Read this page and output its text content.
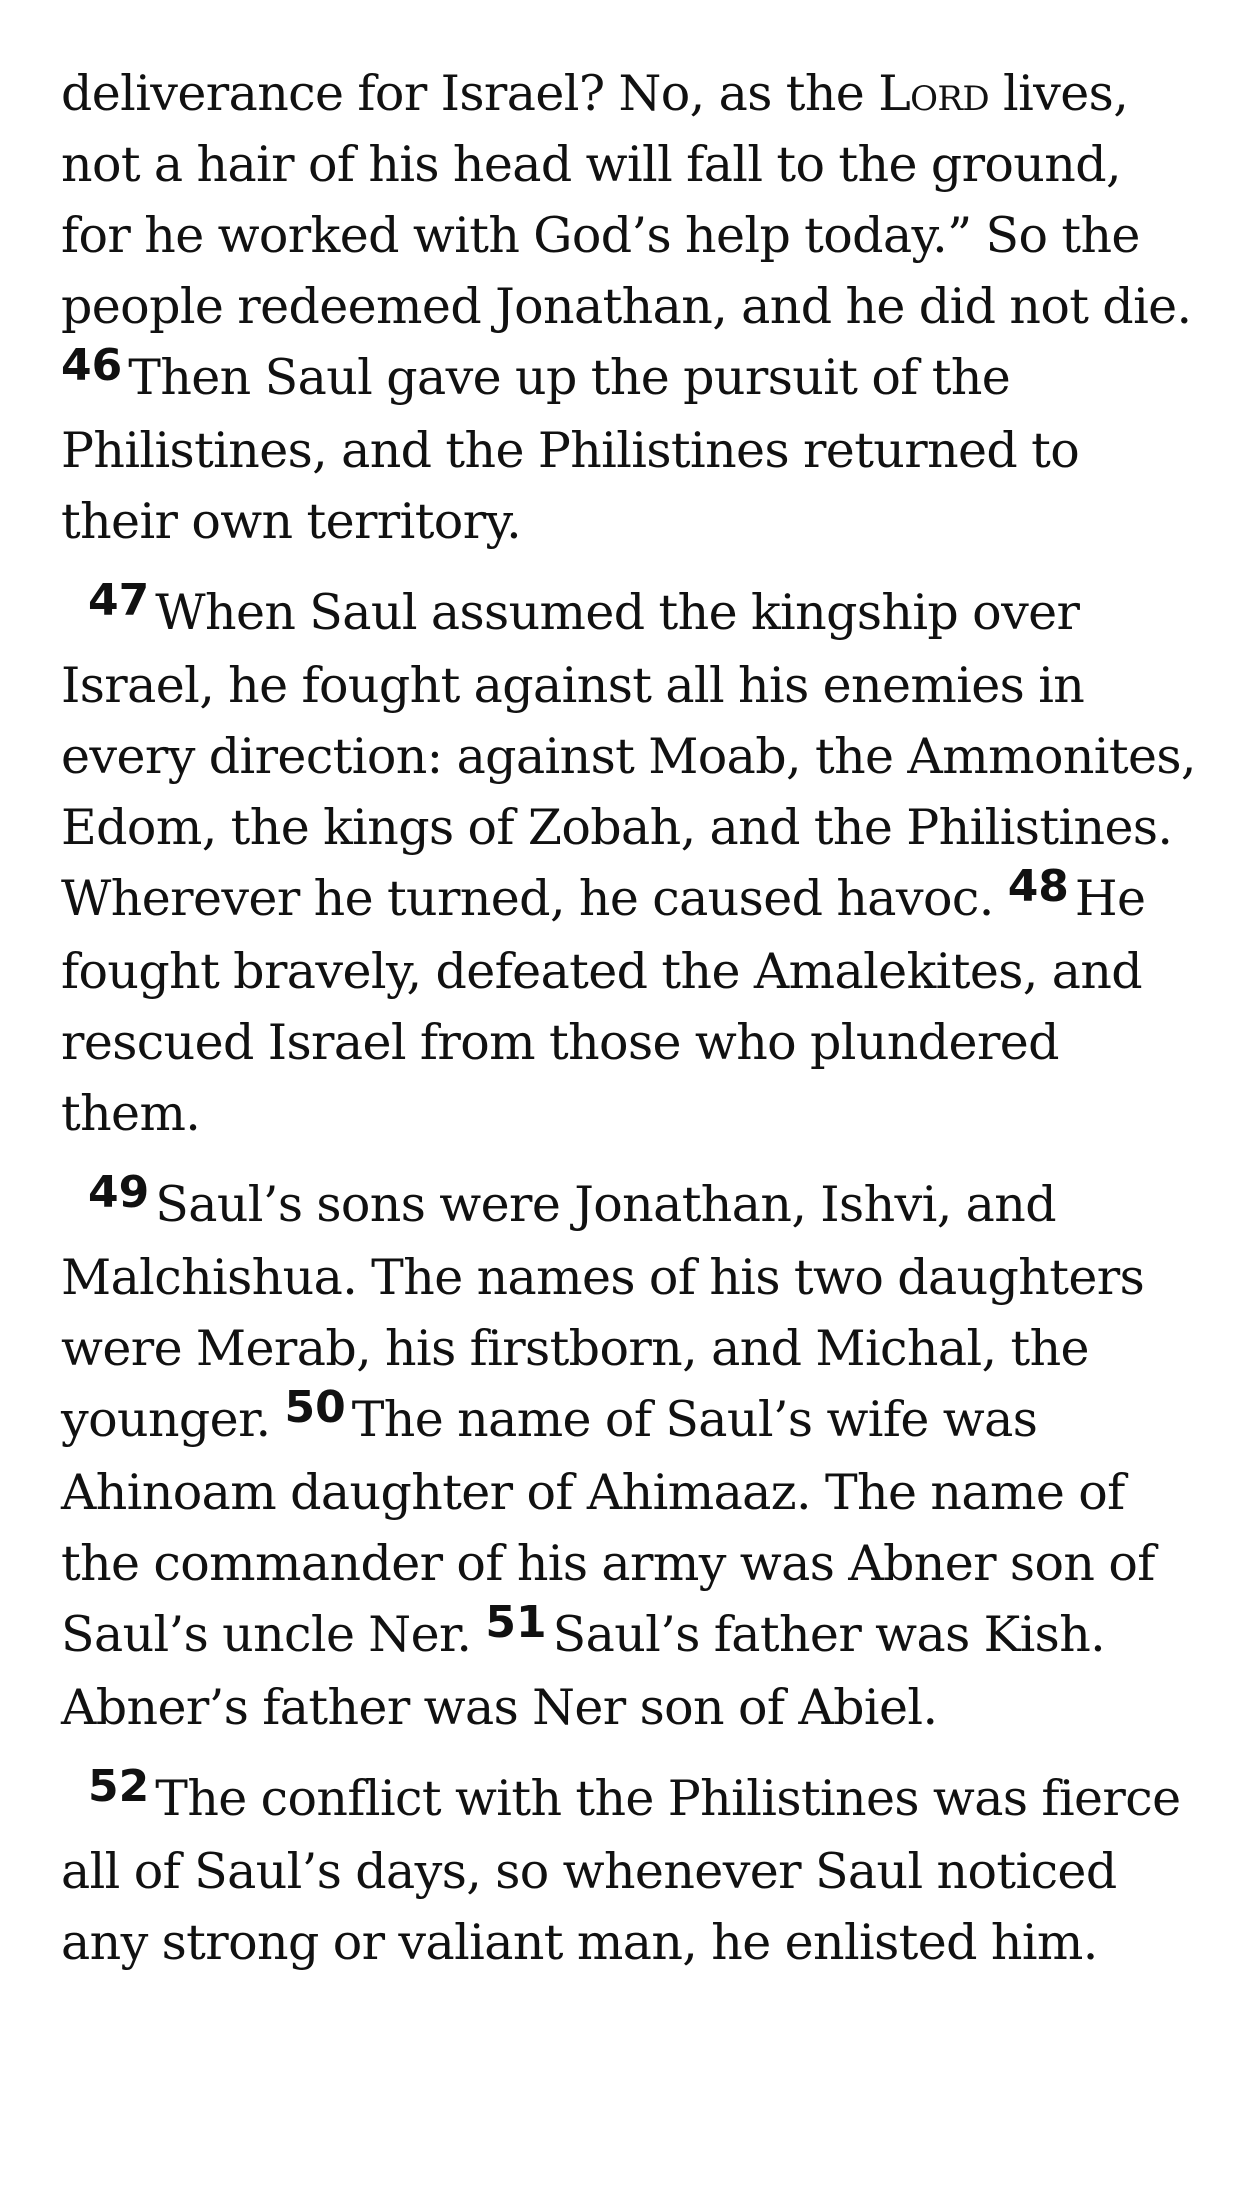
deliverance for Israel? No, as the Lord lives, not a hair of his head will fall to the ground, for he worked with God’s help today.” So the people redeemed Jonathan, and he did not die. 46 Then Saul gave up the pursuit of the Philistines, and the Philistines returned to their own territory.

47 When Saul assumed the kingship over Israel, he fought against all his enemies in every direction: against Moab, the Ammonites, Edom, the kings of Zobah, and the Philistines. Wherever he turned, he caused havoc. 48 He fought bravely, defeated the Amalekites, and rescued Israel from those who plundered them.

49 Saul’s sons were Jonathan, Ishvi, and Malchishua. The names of his two daughters were Merab, his firstborn, and Michal, the younger. 50 The name of Saul’s wife was Ahinoam daughter of Ahimaaz. The name of the commander of his army was Abner son of Saul’s uncle Ner. 51 Saul’s father was Kish. Abner’s father was Ner son of Abiel.

52 The conflict with the Philistines was fierce all of Saul’s days, so whenever Saul noticed any strong or valiant man, he enlisted him.
